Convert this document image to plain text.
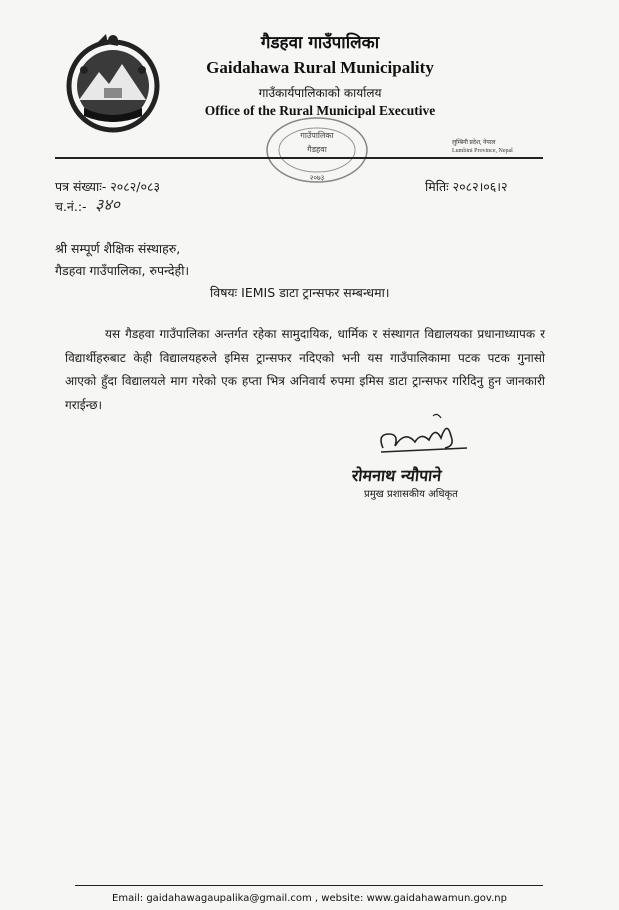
गैडहवा गाउँपालिका
Gaidahawa Rural Municipality
गाउँकार्यपालिकाको कार्यालय
Office of the Rural Municipal Executive
गाउँपालिका
गैडहवा
२०७३
लुम्बिनी प्रदेश, नेपाल
Lumbini Province, Nepal
पत्र संख्याः- २०८२/०८३	मितिः २०८२।०६।२
च.नं.:- ३४०
श्री सम्पूर्ण शैक्षिक संस्थाहरु,
गैडहवा गाउँपालिका, रुपन्देही।
विषयः IEMIS डाटा ट्रान्सफर सम्बन्धमा।
यस गैडहवा गाउँपालिका अन्तर्गत रहेका सामुदायिक, धार्मिक र संस्थागत विद्यालयका प्रधानाध्यापक र विद्यार्थीहरुबाट केही विद्यालयहरुले इमिस ट्रान्सफर नदिएको भनी यस गाउँपालिकामा पटक पटक गुनासो आएको हुँदा विद्यालयले माग गरेको एक हप्ता भित्र अनिवार्य रुपमा इमिस डाटा ट्रान्सफर गरिदिनु हुन जानकारी गराईन्छ।
रोमनाथ न्यौपाने
प्रमुख प्रशासकीय अधिकृत
Email: gaidahawagaupalika@gmail.com , website: www.gaidahawamun.gov.np
